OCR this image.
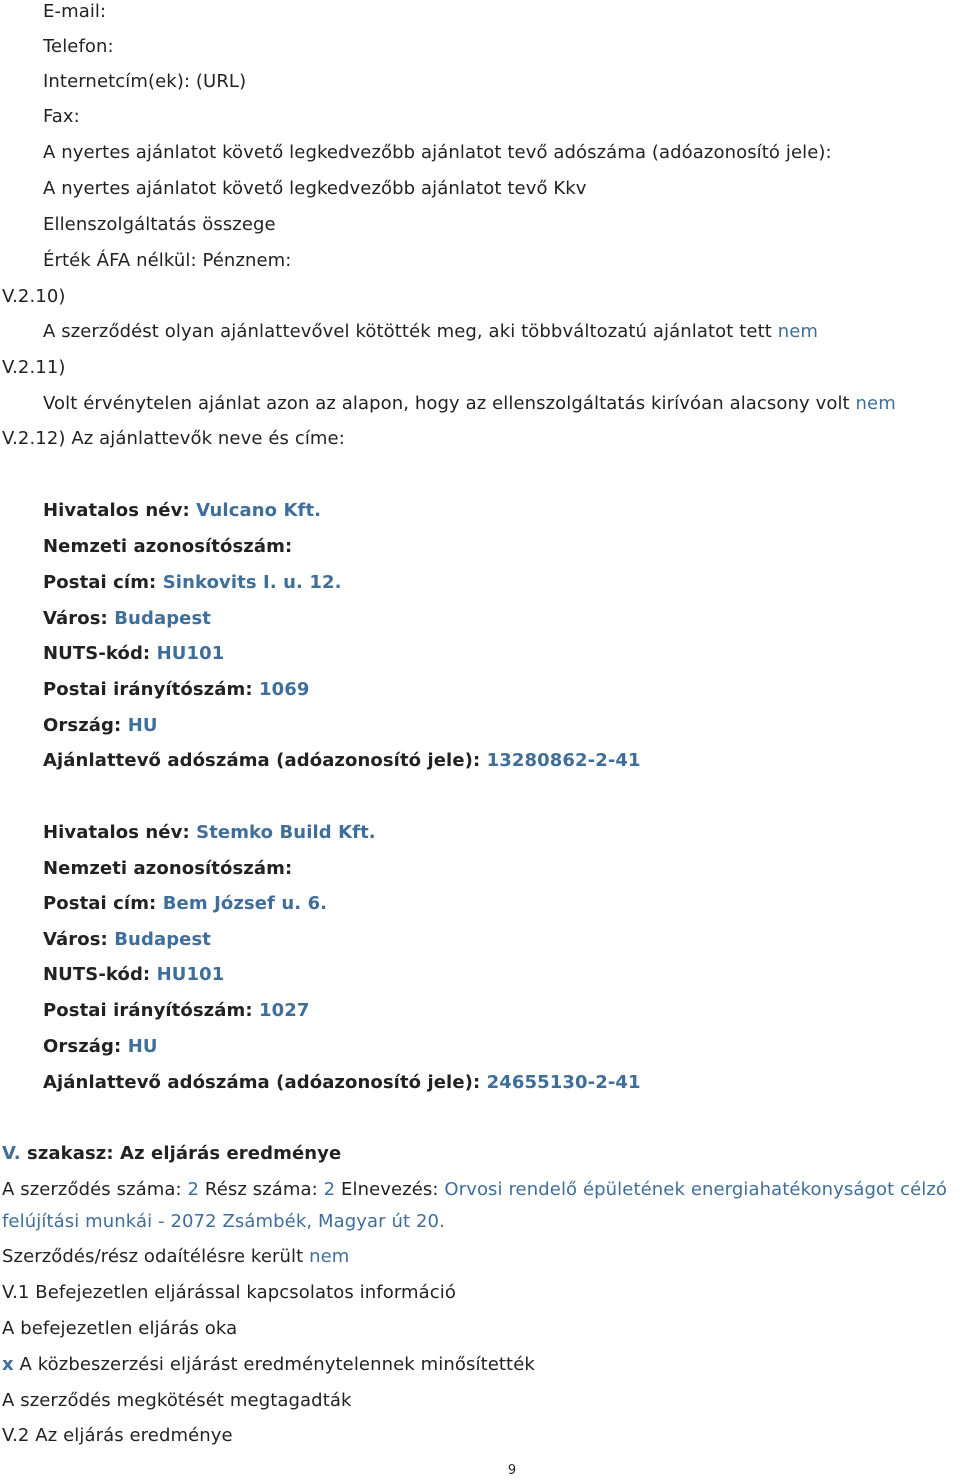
E-mail:
Telefon:
Internetcím(ek): (URL)
Fax:
A nyertes ajánlatot követő legkedvezőbb ajánlatot tevő adószáma (adóazonosító jele):
A nyertes ajánlatot követő legkedvezőbb ajánlatot tevő Kkv
Ellenszolgáltatás összege
Érték ÁFA nélkül: Pénznem:
V.2.10)
A szerződést olyan ajánlattevővel kötötték meg, aki többváltozatú ajánlatot tett nem
V.2.11)
Volt érvénytelen ajánlat azon az alapon, hogy az ellenszolgáltatás kirívóan alacsony volt nem
V.2.12) Az ajánlattevők neve és címe:
Hivatalos név: Vulcano Kft.
Nemzeti azonosítószám:
Postai cím: Sinkovits I. u. 12.
Város: Budapest
NUTS-kód: HU101
Postai irányítószám: 1069
Ország: HU
Ajánlattevő adószáma (adóazonosító jele): 13280862-2-41
Hivatalos név: Stemko Build Kft.
Nemzeti azonosítószám:
Postai cím: Bem József u. 6.
Város: Budapest
NUTS-kód: HU101
Postai irányítószám: 1027
Ország: HU
Ajánlattevő adószáma (adóazonosító jele): 24655130-2-41
V. szakasz: Az eljárás eredménye
A szerződés száma: 2 Rész száma: 2 Elnevezés: Orvosi rendelő épületének energiahatékonyságot célzó
felújítási munkái - 2072 Zsámbék, Magyar út 20.
Szerződés/rész odaítélésre került nem
V.1 Befejezetlen eljárással kapcsolatos információ
A befejezetlen eljárás oka
x A közbeszerzési eljárást eredménytelennek minősítették
A szerződés megkötését megtagadták
V.2 Az eljárás eredménye
9
